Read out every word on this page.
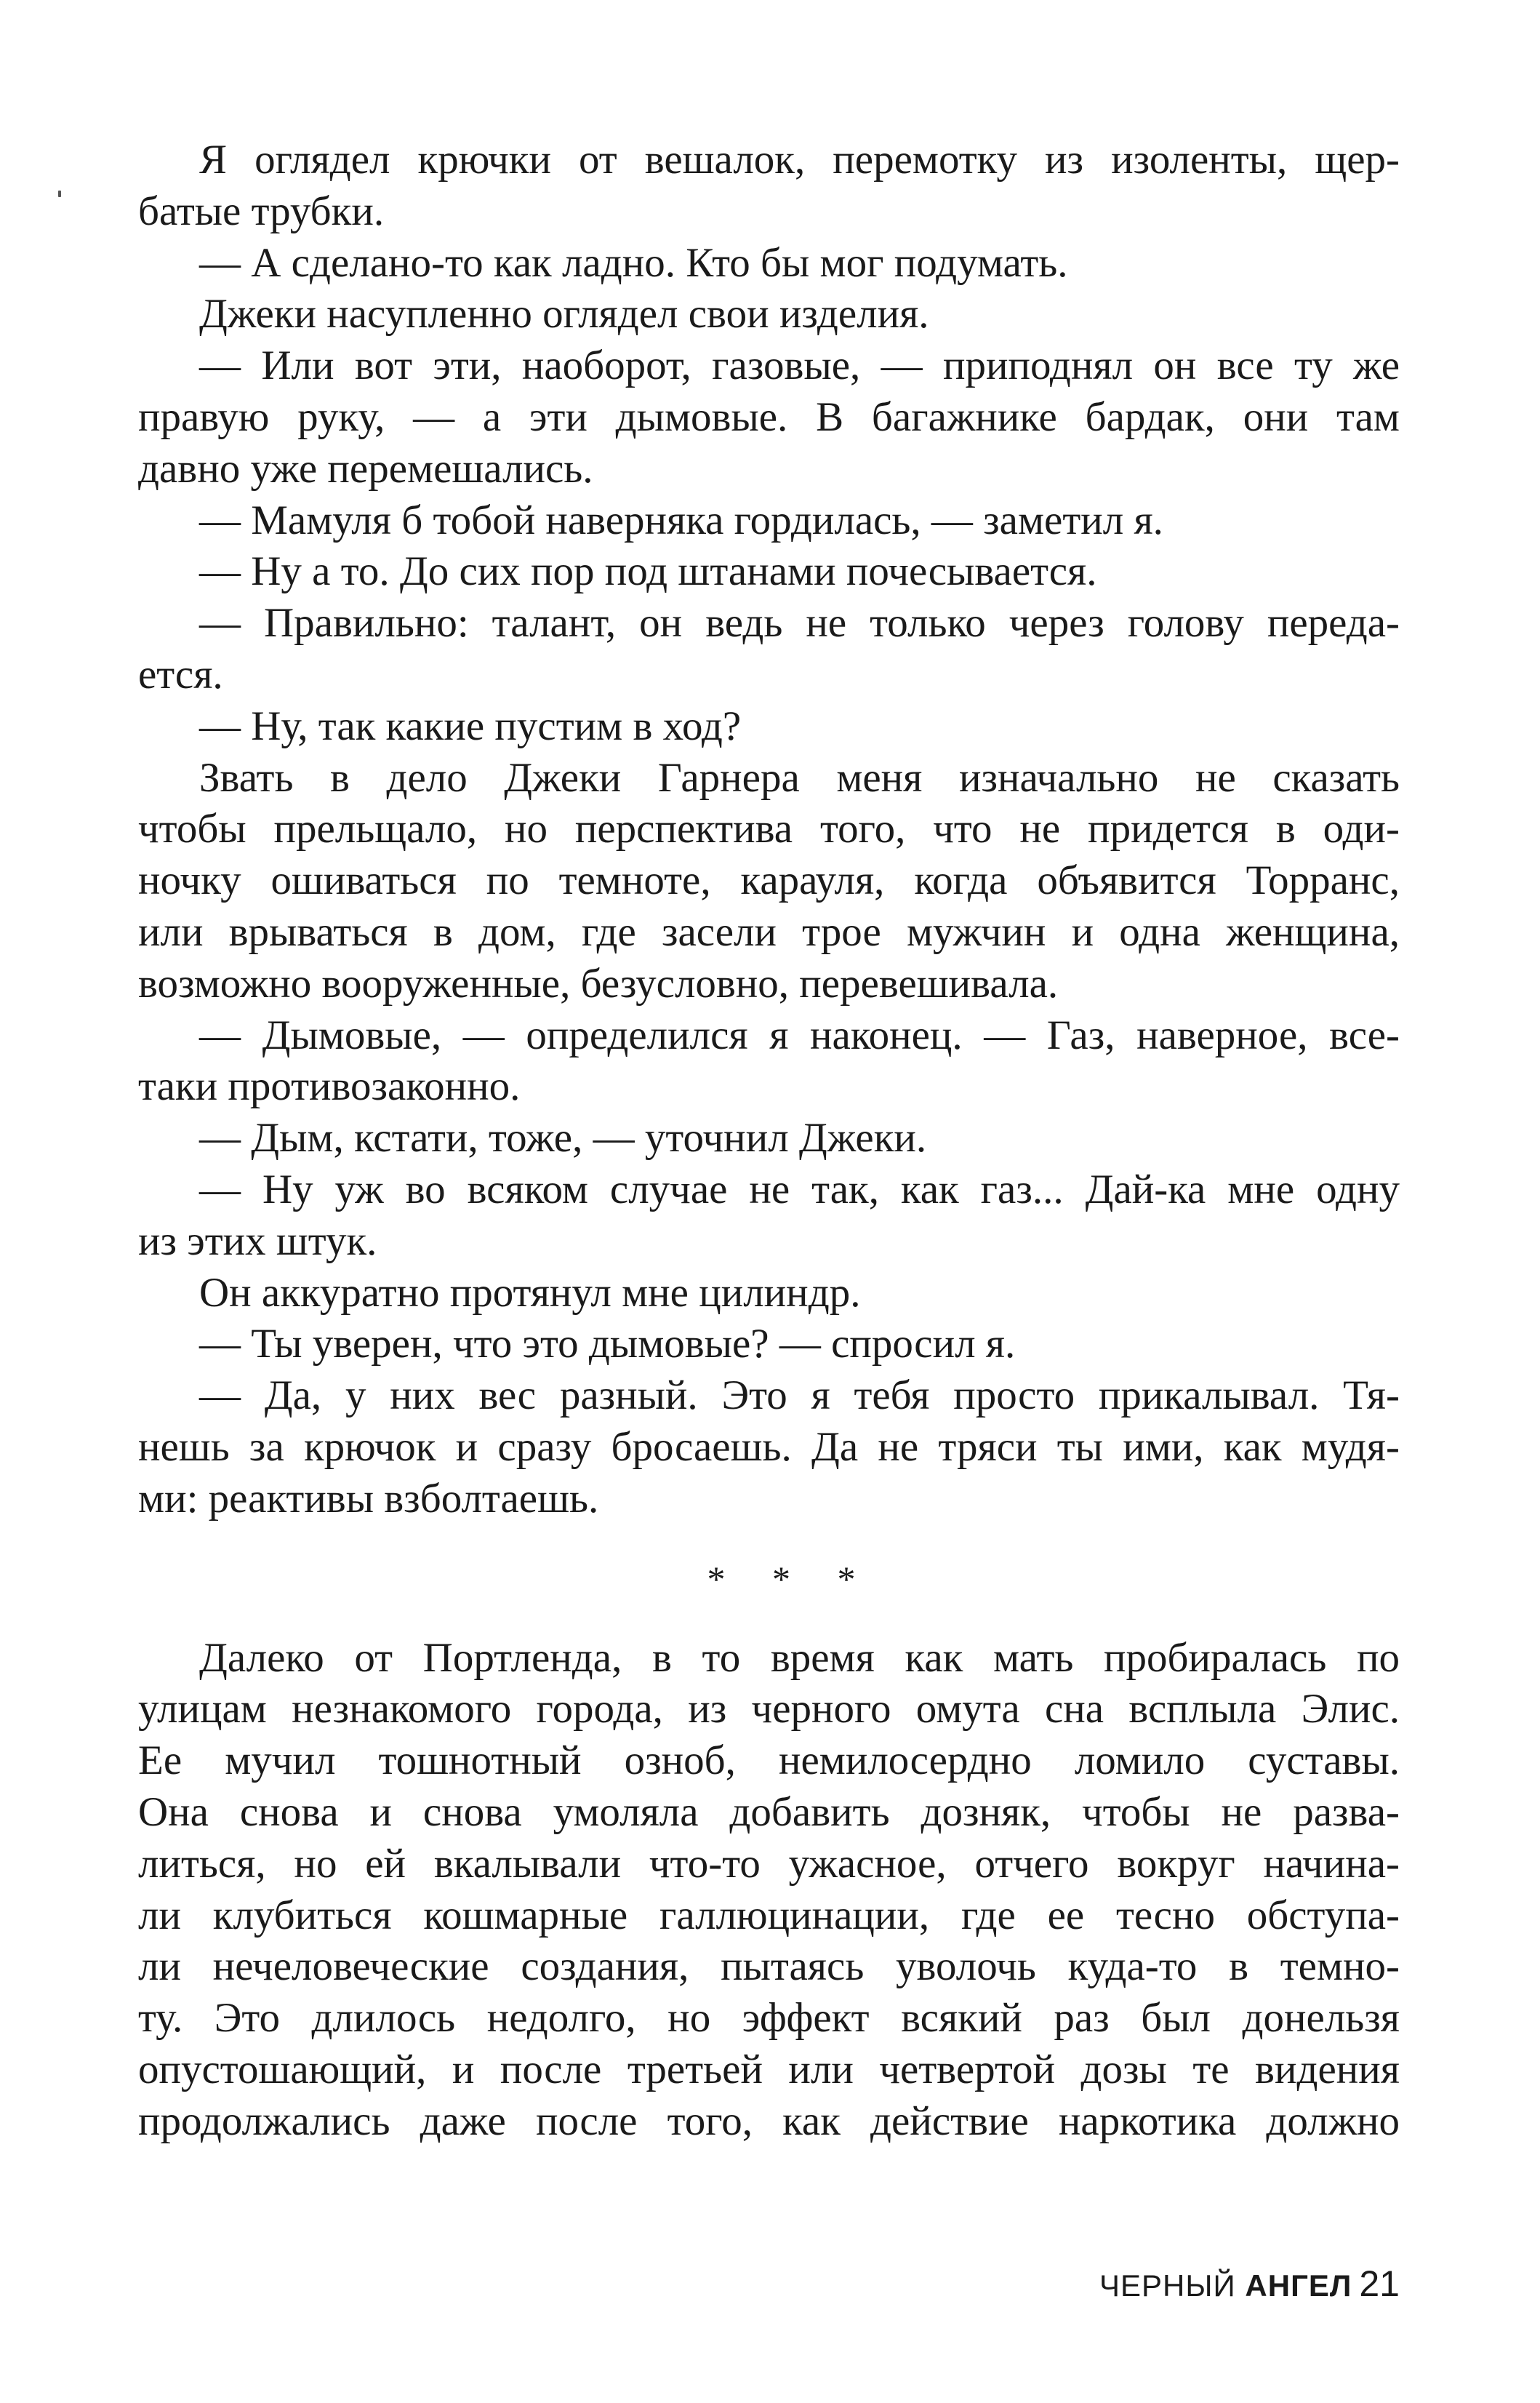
Я оглядел крючки от вешалок, перемотку из изоленты, щер-
батые трубки.
— А сделано-то как ладно. Кто бы мог подумать.
Джеки насупленно оглядел свои изделия.
— Или вот эти, наоборот, газовые, — приподнял он все ту же
правую руку, — а эти дымовые. В багажнике бардак, они там
давно уже перемешались.
— Мамуля б тобой наверняка гордилась, — заметил я.
— Ну а то. До сих пор под штанами почесывается.
— Правильно: талант, он ведь не только через голову переда-
ется.
— Ну, так какие пустим в ход?
Звать в дело Джеки Гарнера меня изначально не сказать
чтобы прельщало, но перспектива того, что не придется в оди-
ночку ошиваться по темноте, карауля, когда объявится Торранс,
или врываться в дом, где засели трое мужчин и одна женщина,
возможно вооруженные, безусловно, перевешивала.
— Дымовые, — определился я наконец. — Газ, наверное, все-
таки противозаконно.
— Дым, кстати, тоже, — уточнил Джеки.
— Ну уж во всяком случае не так, как газ... Дай-ка мне одну
из этих штук.
Он аккуратно протянул мне цилиндр.
— Ты уверен, что это дымовые? — спросил я.
— Да, у них вес разный. Это я тебя просто прикалывал. Тя-
нешь за крючок и сразу бросаешь. Да не тряси ты ими, как мудя-
ми: реактивы взболтаешь.
* * *
Далеко от Портленда, в то время как мать пробиралась по
улицам незнакомого города, из черного омута сна всплыла Элис.
Ее мучил тошнотный озноб, немилосердно ломило суставы.
Она снова и снова умоляла добавить дозняк, чтобы не разва-
литься, но ей вкалывали что-то ужасное, отчего вокруг начина-
ли клубиться кошмарные галлюцинации, где ее тесно обступа-
ли нечеловеческие создания, пытаясь уволочь куда-то в темно-
ту. Это длилось недолго, но эффект всякий раз был донельзя
опустошающий, и после третьей или четвертой дозы те видения
продолжались даже после того, как действие наркотика должно
ЧЕРНЫЙ АНГЕЛ 21
